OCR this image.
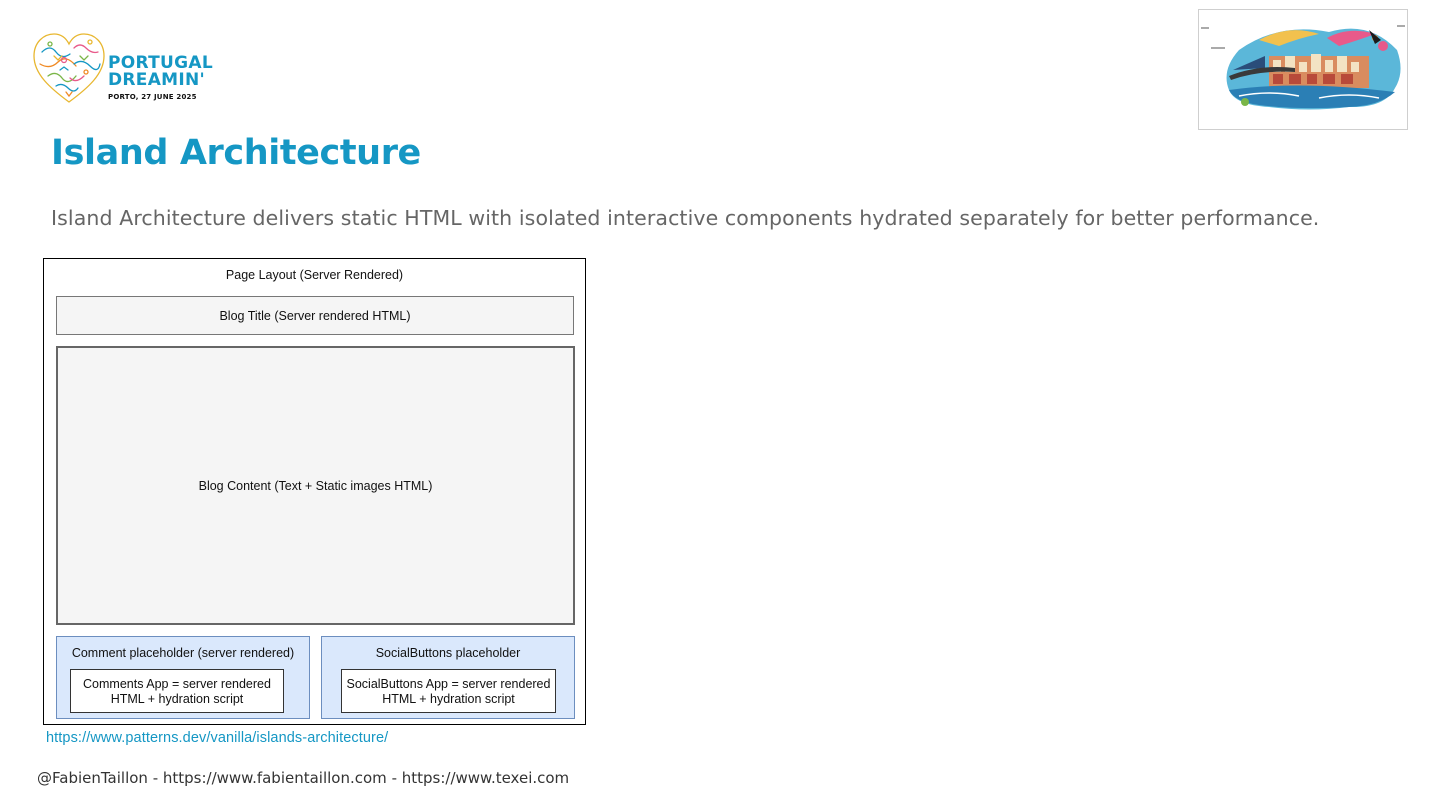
PORTUGAL
DREAMIN'
PORTO, 27 JUNE 2025
Island Architecture

Island Architecture delivers static HTML with isolated interactive components hydrated separately for better performance.

Page Layout (Server Rendered)
Blog Title (Server rendered HTML)
Blog Content (Text + Static images HTML)
Comment placeholder (server rendered)
Comments App = server rendered HTML + hydration script
SocialButtons placeholder
SocialButtons App = server rendered HTML + hydration script
https://www.patterns.dev/vanilla/islands-architecture/
@FabienTaillon - https://www.fabientaillon.com - https://www.texei.com
